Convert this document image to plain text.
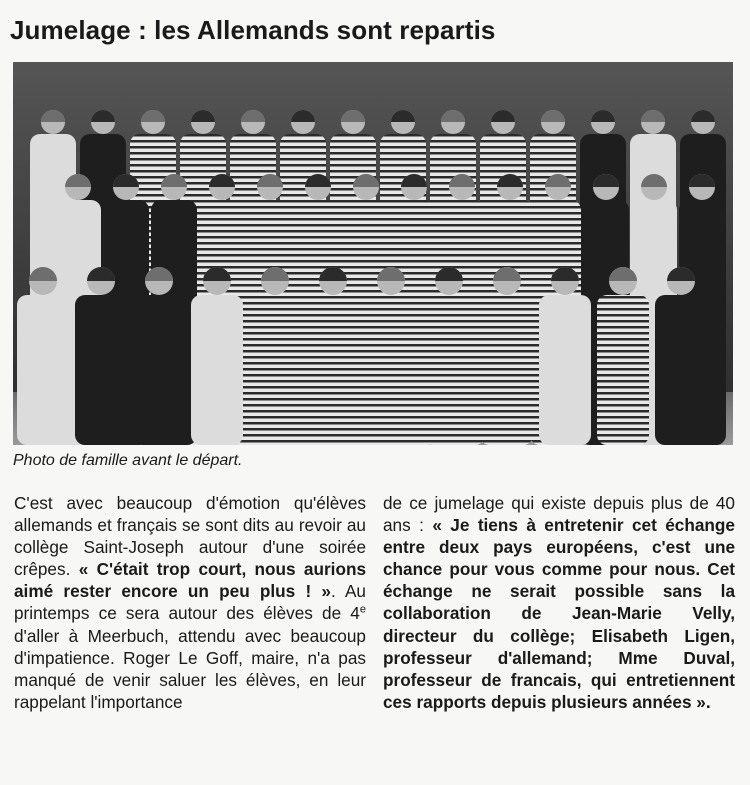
Jumelage : les Allemands sont repartis

Photo de famille avant le départ.

C'est avec beaucoup d'émotion qu'élèves allemands et français se sont dits au revoir au collège Saint-Joseph autour d'une soirée crêpes. « C'était trop court, nous aurions aimé rester encore un peu plus ! ». Au printemps ce sera autour des élèves de 4e d'aller à Meerbuch, attendu avec beaucoup d'impatience. Roger Le Goff, maire, n'a pas manqué de venir saluer les élèves, en leur rappelant l'importance

de ce jumelage qui existe depuis plus de 40 ans : « Je tiens à entretenir cet échange entre deux pays européens, c'est une chance pour vous comme pour nous. Cet échange ne serait possible sans la collaboration de Jean-Marie Velly, directeur du collège; Elisabeth Ligen, professeur d'allemand; Mme Duval, professeur de francais, qui entretiennent ces rapports depuis plusieurs années ».
